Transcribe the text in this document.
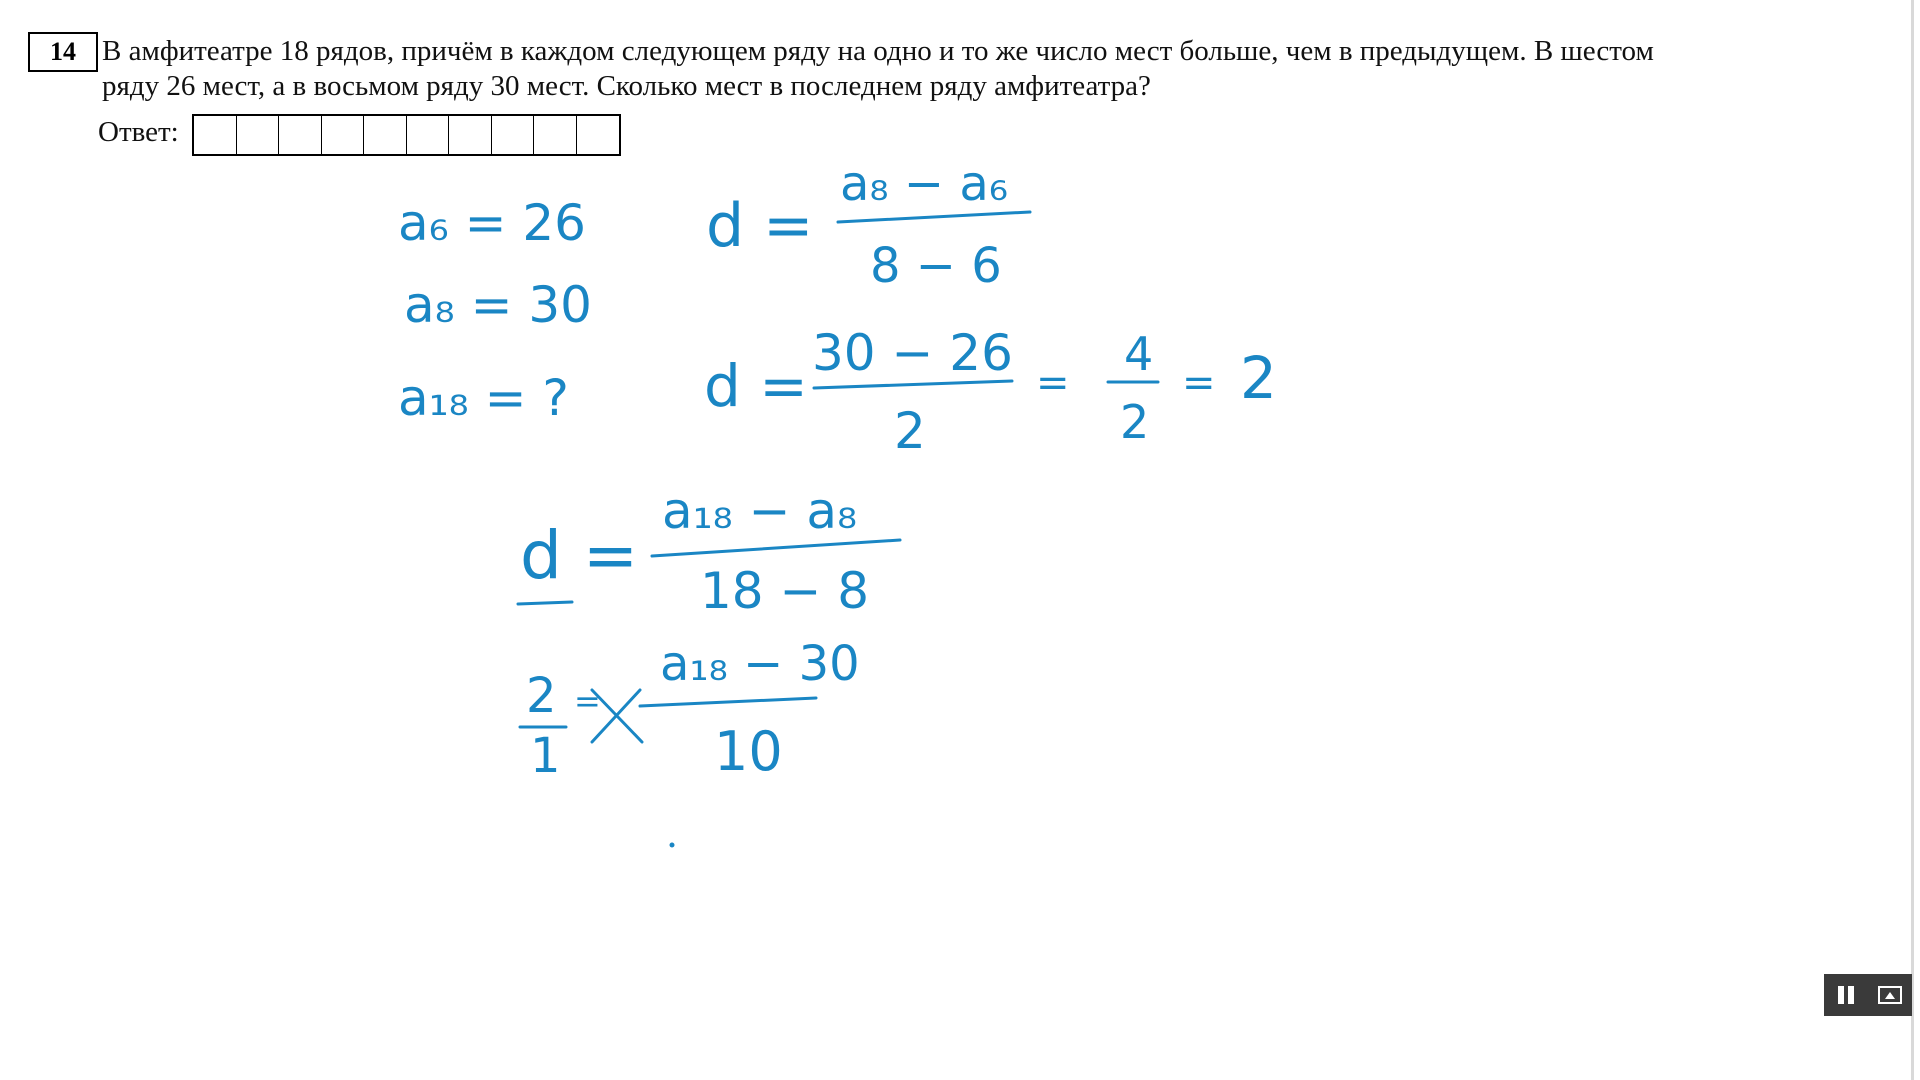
14 В амфитеатре 18 рядов, причём в каждом следующем ряду на одно и то же число мест больше, чем в предыдущем. В шестом ряду 26 мест, а в восьмом ряду 30 мест. Сколько мест в последнем ряду амфитеатра?
Ответ:
a₆ = 26
a₈ = 30
a₁₈ = ?
d =
a₈ − a₆
8 − 6
d = 30 − 26
2
=
4
2
= 2
d =
a₁₈ − a₈
18 − 8
2
1
=
a₁₈ − 30
10
